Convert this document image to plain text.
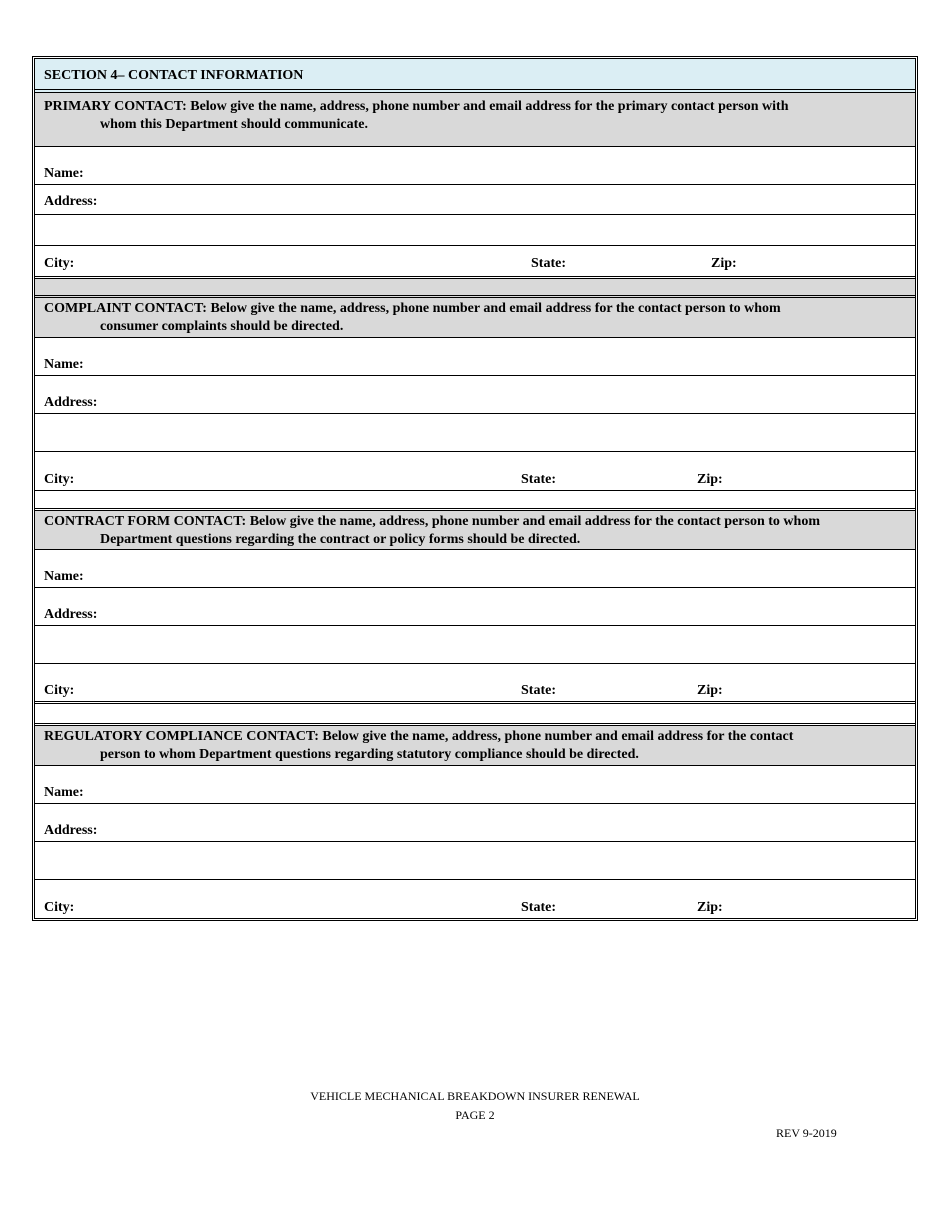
SECTION 4– CONTACT INFORMATION
PRIMARY CONTACT: Below give the name, address, phone number and email address for the primary contact person with
whom this Department should communicate.
Name:
Address:
City:	State:	Zip:
COMPLAINT CONTACT: Below give the name, address, phone number and email address for the contact person to whom
consumer complaints should be directed.
Name:
Address:
City:	State:	Zip:
CONTRACT FORM CONTACT: Below give the name, address, phone number and email address for the contact person to whom
Department questions regarding the contract or policy forms should be directed.
Name:
Address:
City:	State:	Zip:
REGULATORY COMPLIANCE CONTACT: Below give the name, address, phone number and email address for the contact
person to whom Department questions regarding statutory compliance should be directed.
Name:
Address:
City:	State:	Zip:
VEHICLE MECHANICAL BREAKDOWN INSURER RENEWAL
PAGE 2
REV 9-2019
